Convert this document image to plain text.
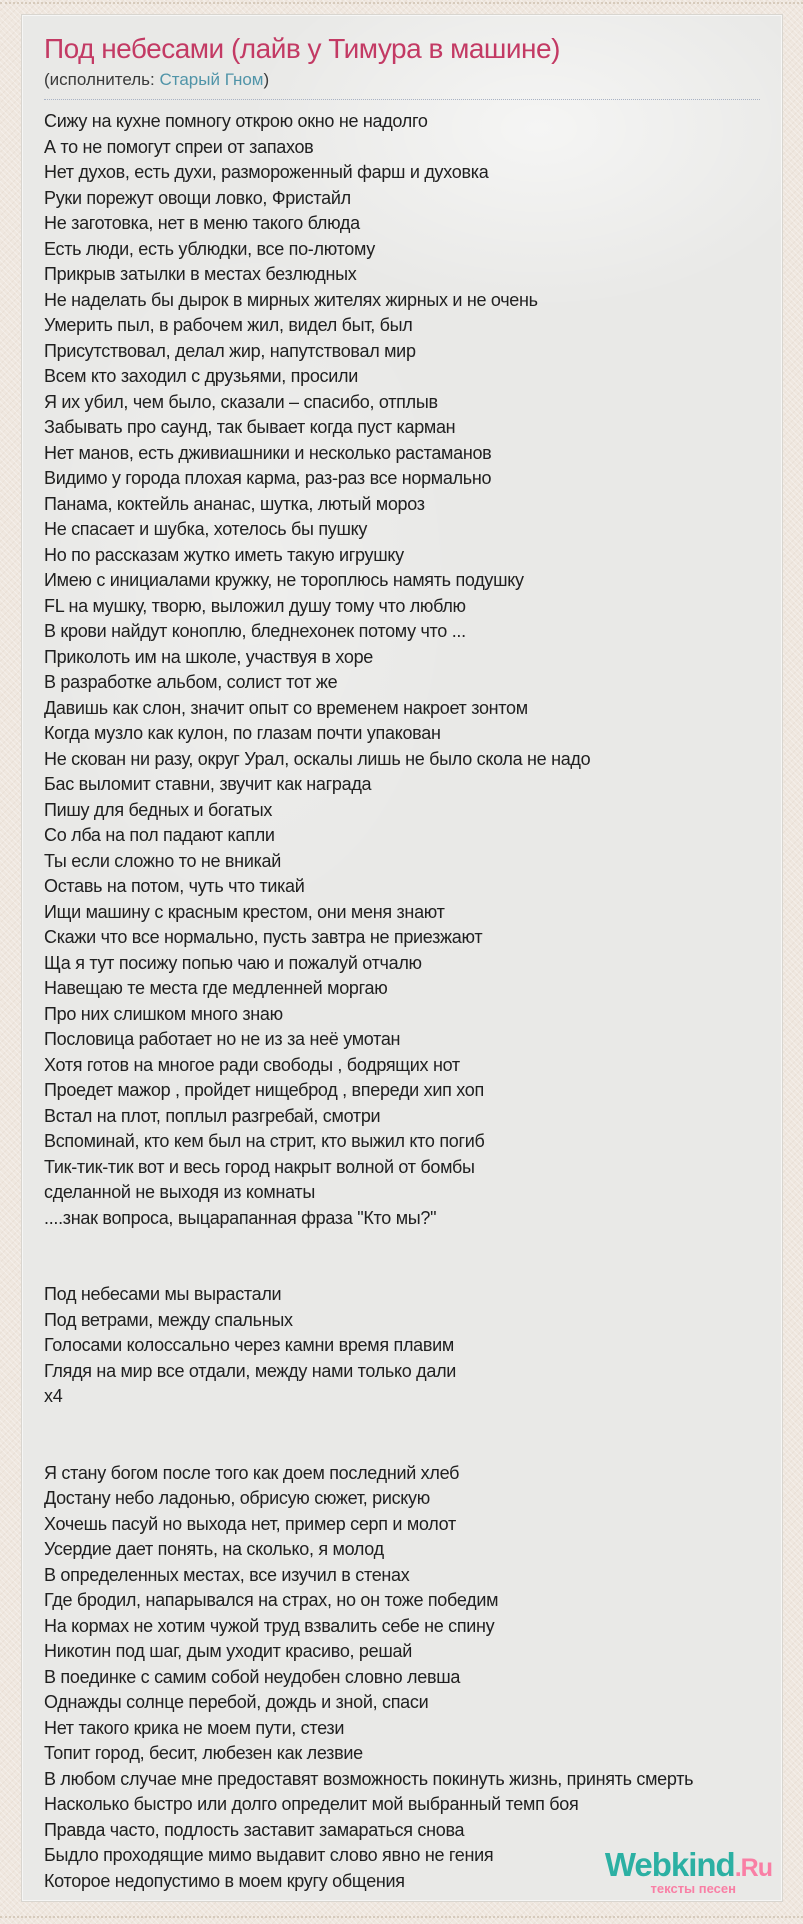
Под небесами (лайв у Тимура в машине)
(исполнитель: Старый Гном)
Сижу на кухне помногу открою окно не надолго
А то не помогут спреи от запахов
Нет духов, есть духи, размороженный фарш и духовка
Руки порежут овощи ловко, Фристайл
Не заготовка, нет в меню такого блюда
Есть люди, есть ублюдки, все по-лютому
Прикрыв затылки в местах безлюдных
Не наделать бы дырок в мирных жителях жирных и не очень
Умерить пыл, в рабочем жил, видел быт, был
Присутствовал, делал жир, напутствовал мир
Всем кто заходил с друзьями, просили
Я их убил, чем было, сказали – спасибо, отплыв
Забывать про саунд, так бывает когда пуст карман
Нет манов, есть дживиашники и несколько растаманов
Видимо у города плохая карма, раз-раз все нормально
Панама, коктейль ананас, шутка, лютый мороз
Не спасает и шубка, хотелось бы пушку
Но по рассказам жутко иметь такую игрушку
Имею с инициалами кружку, не тороплюсь намять подушку
FL на мушку, творю, выложил душу тому что люблю
В крови найдут коноплю, бледнехонек потому что ...
Приколоть им на школе, участвуя в хоре
В разработке альбом, солист тот же
Давишь как слон, значит опыт со временем накроет зонтом
Когда музло как кулон, по глазам почти упакован
Не скован ни разу, округ Урал, оскалы лишь не было скола не надо
Бас выломит ставни, звучит как награда
Пишу для бедных и богатых
Со лба на пол падают капли
Ты если сложно то не вникай
Оставь на потом, чуть что тикай
Ищи машину с красным крестом, они меня знают
Скажи что все нормально, пусть завтра не приезжают
Ща я тут посижу попью чаю и пожалуй отчалю
Навещаю те места где медленней моргаю
Про них слишком много знаю
Пословица работает но не из за неё умотан
Хотя готов на многое ради свободы , бодрящих нот
Проедет мажор , пройдет нищеброд , впереди хип хоп
Встал на плот, поплыл разгребай, смотри
Вспоминай, кто кем был на стрит, кто выжил кто погиб
Тик-тик-тик вот и весь город накрыт волной от бомбы
сделанной не выходя из комнаты
....знак вопроса, выцарапанная фраза "Кто мы?"

Под небесами мы вырастали
Под ветрами, между спальных
Голосами колоссально через камни время плавим
Глядя на мир все отдали, между нами только дали
х4

Я стану богом после того как доем последний хлеб
Достану небо ладонью, обрисую сюжет, рискую
Хочешь пасуй но выхода нет, пример серп и молот
Усердие дает понять, на сколько, я молод
В определенных местах, все изучил в стенах
Где бродил, напарывался на страх, но он тоже победим
На кормах не хотим чужой труд взвалить себе не спину
Никотин под шаг, дым уходит красиво, решай
В поединке с самим собой неудобен словно левша
Однажды солнце перебой, дождь и зной, спаси
Нет такого крика не моем пути, стези
Топит город, бесит, любезен как лезвие
В любом случае мне предоставят возможность покинуть жизнь, принять смерть
Насколько быстро или долго определит мой выбранный темп боя
Правда часто, подлость заставит замараться снова
Быдло проходящие мимо выдавит слово явно не гения
Которое недопустимо в моем кругу общения	Webkind.Ru
тексты песен
